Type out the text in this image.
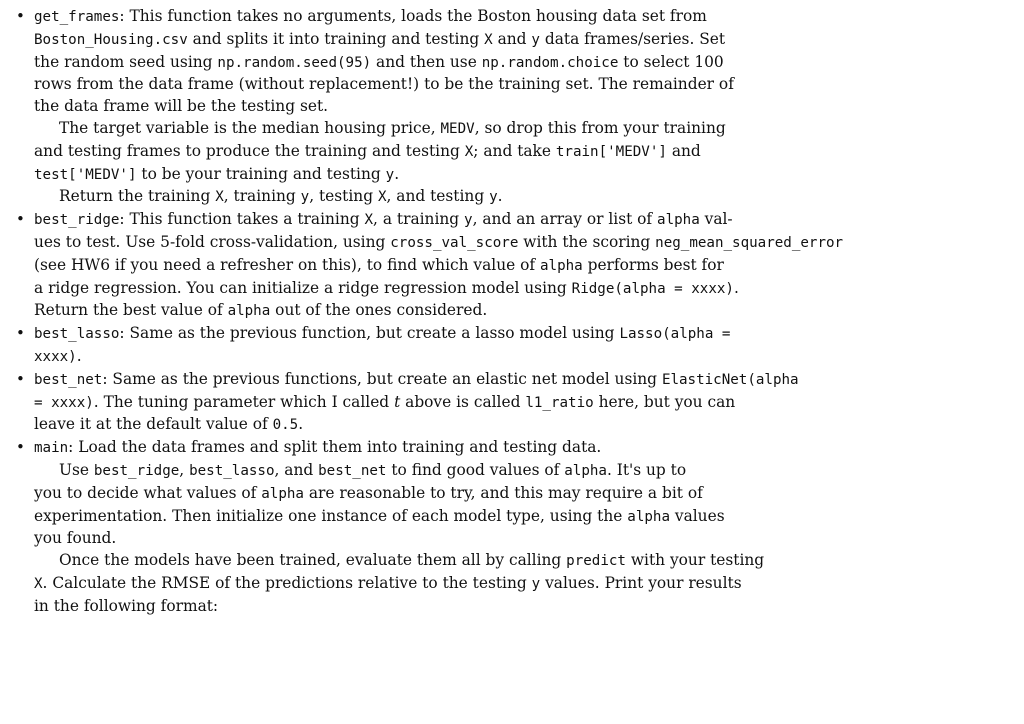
• get_frames: This function takes no arguments, loads the Boston housing data set from
Boston_Housing.csv and splits it into training and testing X and y data frames/series. Set
the random seed using np.random.seed(95) and then use np.random.choice to select 100
rows from the data frame (without replacement!) to be the training set. The remainder of
the data frame will be the testing set.
The target variable is the median housing price, MEDV, so drop this from your training
and testing frames to produce the training and testing X; and take train['MEDV'] and
test['MEDV'] to be your training and testing y.
Return the training X, training y, testing X, and testing y.
• best_ridge: This function takes a training X, a training y, and an array or list of alpha val-
ues to test. Use 5-fold cross-validation, using cross_val_score with the scoring neg_mean_squared_error
(see HW6 if you need a refresher on this), to find which value of alpha performs best for
a ridge regression. You can initialize a ridge regression model using Ridge(alpha = xxxx).
Return the best value of alpha out of the ones considered.
• best_lasso: Same as the previous function, but create a lasso model using Lasso(alpha =
xxxx).
• best_net: Same as the previous functions, but create an elastic net model using ElasticNet(alpha
= xxxx). The tuning parameter which I called t above is called l1_ratio here, but you can
leave it at the default value of 0.5.
• main: Load the data frames and split them into training and testing data.
Use best_ridge, best_lasso, and best_net to find good values of alpha. It's up to
you to decide what values of alpha are reasonable to try, and this may require a bit of
experimentation. Then initialize one instance of each model type, using the alpha values
you found.
Once the models have been trained, evaluate them all by calling predict with your testing
X. Calculate the RMSE of the predictions relative to the testing y values. Print your results
in the following format:
